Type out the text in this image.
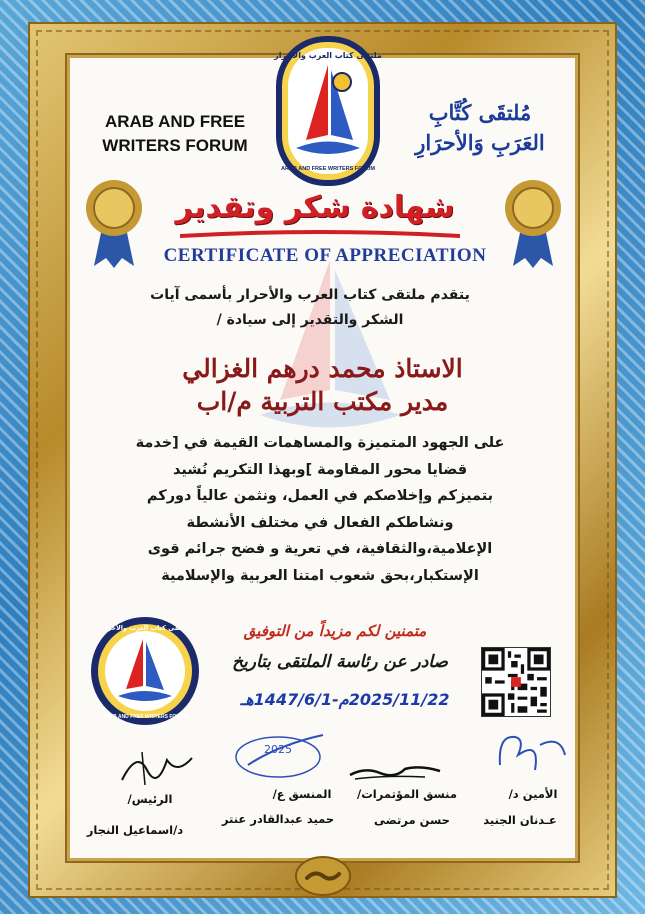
ARAB AND FREE
WRITERS FORUM
مُلتقَى كُتَّابِ
العَرَبِ وَالأحرَارِ
ملتقى كتاب العرب والأحرار
ARAB AND FREE WRITERS FORUM
شهادة شكر وتقدير
CERTIFICATE OF APPRECIATION
يتقدم ملتقى كتاب العرب والأحرار بأسمى آيات
الشكر والتقدير إلى سيادة /
الاستاذ محمد درهم الغزالي
مدير مكتب التربية م/اب
على الجهود المتميزة والمساهمات القيمة في [خدمة
قضايا محور المقاومة ]وبهذا التكريم نُشيد
بتميزكم وإخلاصكم في العمل، ونثمن عالياً دوركم
ونشاطكم الفعال في مختلف الأنشطة
الإعلامية،والثقافية، في تعرية و فضح جرائم قوى
الإستكبار،بحق شعوب امتنا العربية والإسلامية
متمنين لكم مزيداً من التوفيق
صادر عن رئاسة الملتقى بتاريخ
2025/11/22م-1447/6/1هـ
ملتقى كتاب العرب والأحرار
ARAB AND FREE WRITERS FORUM
الرئيس/
د/اسماعيل النجار
2025
المنسق ع/
حميد عبدالقادر عنتر
منسق المؤتمرات/
حسن مرتضى
الأمين د/
عـدنان الجنيد
